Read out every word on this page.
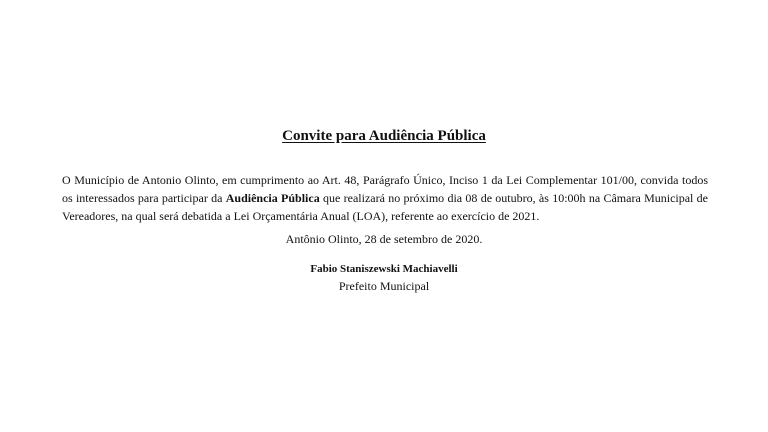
Convite para Audiência Pública

O Município de Antonio Olinto, em cumprimento ao Art. 48, Parágrafo Único, Inciso 1 da Lei Complementar 101/00, convida todos os interessados para participar da Audiência Pública que realizará no próximo dia 08 de outubro, às 10:00h na Câmara Municipal de Vereadores, na qual será debatida a Lei Orçamentária Anual (LOA), referente ao exercício de 2021.

Antônio Olinto, 28 de setembro de 2020.
Fabio Staniszewski Machiavelli
Prefeito Municipal
